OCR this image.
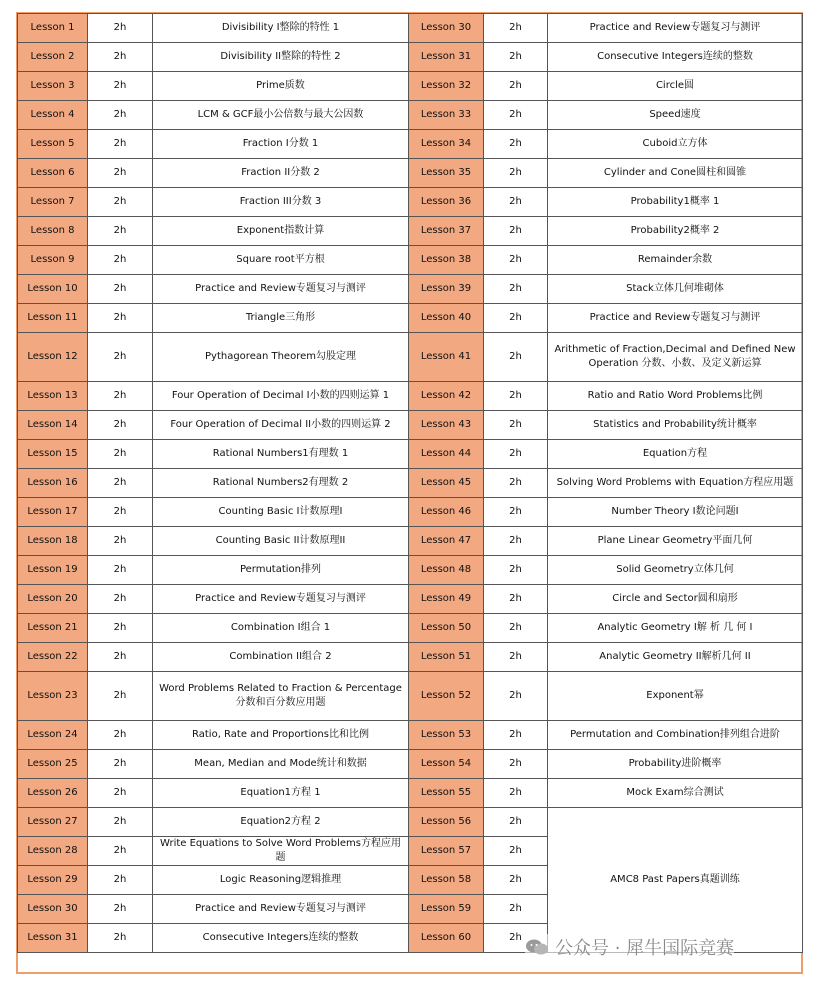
Lesson 1	2h	Divisibility I整除的特性 1	Lesson 30	2h	Practice and Review专题复习与测评
Lesson 2	2h	Divisibility II整除的特性 2	Lesson 31	2h	Consecutive Integers连续的整数
Lesson 3	2h	Prime质数	Lesson 32	2h	Circle圆
Lesson 4	2h	LCM & GCF最小公倍数与最大公因数	Lesson 33	2h	Speed速度
Lesson 5	2h	Fraction I分数 1	Lesson 34	2h	Cuboid立方体
Lesson 6	2h	Fraction II分数 2	Lesson 35	2h	Cylinder and Cone圆柱和圆锥
Lesson 7	2h	Fraction III分数 3	Lesson 36	2h	Probability1概率 1
Lesson 8	2h	Exponent指数计算	Lesson 37	2h	Probability2概率 2
Lesson 9	2h	Square root平方根	Lesson 38	2h	Remainder余数
Lesson 10	2h	Practice and Review专题复习与测评	Lesson 39	2h	Stack立体几何堆砌体
Lesson 11	2h	Triangle三角形	Lesson 40	2h	Practice and Review专题复习与测评
Lesson 12	2h	Pythagorean Theorem勾股定理	Lesson 41	2h	Arithmetic of Fraction,Decimal and Defined New Operation 分数、小数、及定义新运算
Lesson 13	2h	Four Operation of Decimal I小数的四则运算 1	Lesson 42	2h	Ratio and Ratio Word Problems比例
Lesson 14	2h	Four Operation of Decimal II小数的四则运算 2	Lesson 43	2h	Statistics and Probability统计概率
Lesson 15	2h	Rational Numbers1有理数 1	Lesson 44	2h	Equation方程
Lesson 16	2h	Rational Numbers2有理数 2	Lesson 45	2h	Solving Word Problems with Equation方程应用题
Lesson 17	2h	Counting Basic I计数原理I	Lesson 46	2h	Number Theory I数论问题I
Lesson 18	2h	Counting Basic II计数原理II	Lesson 47	2h	Plane Linear Geometry平面几何
Lesson 19	2h	Permutation排列	Lesson 48	2h	Solid Geometry立体几何
Lesson 20	2h	Practice and Review专题复习与测评	Lesson 49	2h	Circle and Sector圆和扇形
Lesson 21	2h	Combination I组合 1	Lesson 50	2h	Analytic Geometry I解 析 几 何 I
Lesson 22	2h	Combination II组合 2	Lesson 51	2h	Analytic Geometry II解析几何 II
Lesson 23	2h	Word Problems Related to Fraction & Percentage 分数和百分数应用题	Lesson 52	2h	Exponent幂
Lesson 24	2h	Ratio, Rate and Proportions比和比例	Lesson 53	2h	Permutation and Combination排列组合进阶
Lesson 25	2h	Mean, Median and Mode统计和数据	Lesson 54	2h	Probability进阶概率
Lesson 26	2h	Equation1方程 1	Lesson 55	2h	Mock Exam综合测试
Lesson 27	2h	Equation2方程 2	Lesson 56	2h	AMC8 Past Papers真题训练
Lesson 28	2h	Write Equations to Solve Word Problems方程应用题	Lesson 57	2h	
Lesson 29	2h	Logic Reasoning逻辑推理	Lesson 58	2h	
Lesson 30	2h	Practice and Review专题复习与测评	Lesson 59	2h	
Lesson 31	2h	Consecutive Integers连续的整数	Lesson 60	2h	
公众号 · 犀牛国际竞赛
